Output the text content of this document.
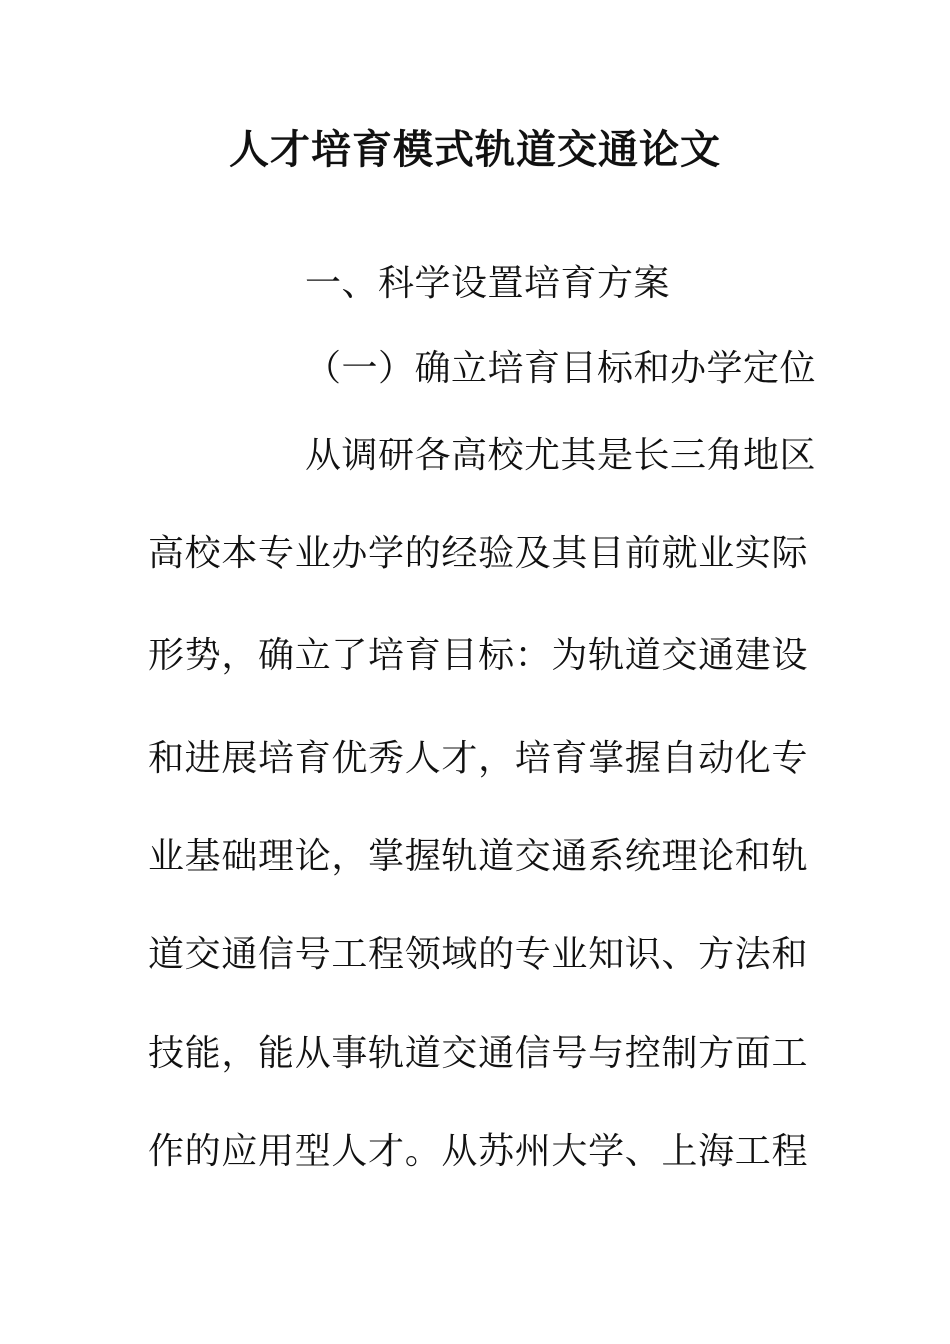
人才培育模式轨道交通论文
一、科学设置培育方案
（一）确立培育目标和办学定位
从调研各高校尤其是长三角地区
高校本专业办学的经验及其目前就业实际
形势，确立了培育目标：为轨道交通建设
和进展培育优秀人才，培育掌握自动化专
业基础理论，掌握轨道交通系统理论和轨
道交通信号工程领域的专业知识、方法和
技能，能从事轨道交通信号与控制方面工
作的应用型人才。从苏州大学、上海工程
